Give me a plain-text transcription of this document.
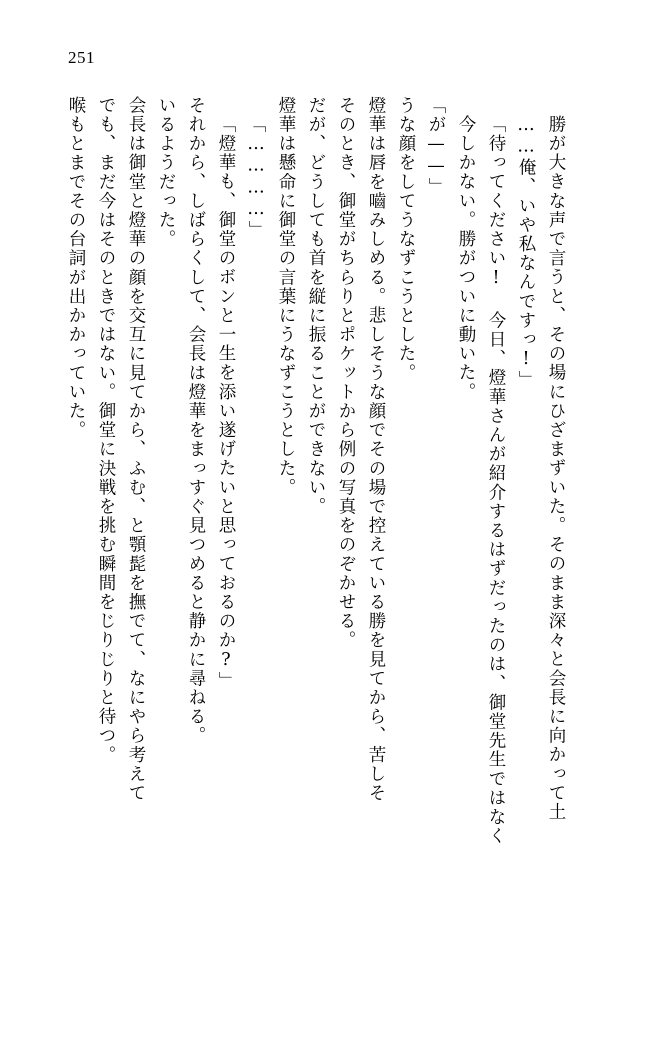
251
喉もとまでその台詞が出かかっていた。 でも、まだ今はそのときではない。御堂に決戦を挑む瞬間をじりじりと待つ。 会長は御堂と燈華の顔を交互に見てから、ふむ、と顎髭を撫でて、なにやら考えて いるようだった。 それから、しばらくして、会長は燈華をまっすぐ見つめると静かに尋ねる。 「燈華も、御堂のボンと一生を添い遂げたいと思っておるのか?」 「…………」 燈華は懸命に御堂の言葉にうなずこうとした。 だが、どうしても首を縦に振ることができない。 そのとき、御堂がちらりとポケットから例の写真をのぞかせる。 燈華は唇を嚙みしめる。悲しそうな顔でその場で控えている勝を見てから、苦しそ うな顔をしてうなずこうとした。 「が——」 今しかない。勝がついに動いた。 「待ってください! 今日、燈華さんが紹介するはずだったのは、御堂先生ではなく ……俺、いや私なんですっ!」 勝が大きな声で言うと、その場にひざまずいた。そのまま深々と会長に向かって土
